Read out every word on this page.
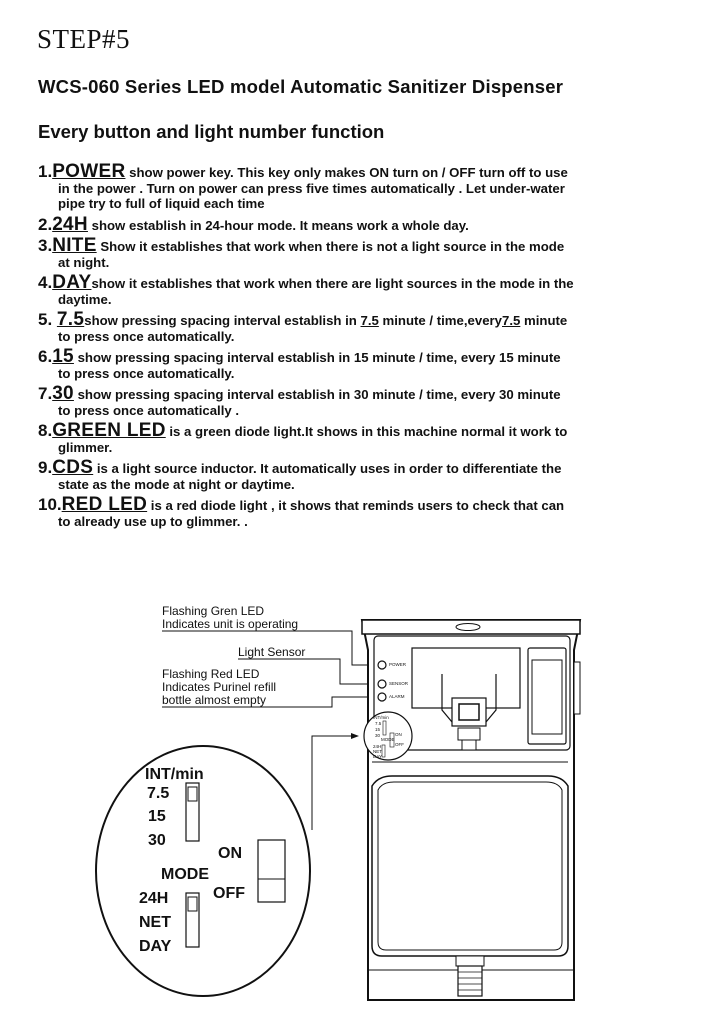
STEP#5
WCS-060 Series LED model Automatic Sanitizer Dispenser
Every button and light number function
1.POWER show power key. This key only makes ON turn on / OFF turn off to use
in the power . Turn on power can press five times automatically . Let under-water
pipe try to full of liquid each time
2.24H show establish in 24-hour mode. It means work a whole day.
3.NITE Show it establishes that work when there is not a light source in the mode
at night.
4.DAYshow it establishes that work when there are light sources in the mode in the
daytime.
5. 7.5show pressing spacing interval establish in 7.5 minute / time,every7.5 minute
to press once automatically.
6.15 show pressing spacing interval establish in 15 minute / time, every 15 minute
to press once automatically.
7.30 show pressing spacing interval establish in 30 minute / time, every 30 minute
to press once automatically .
8.GREEN LED is a green diode light.It shows in this machine normal it work to
glimmer.
9.CDS is a light source inductor. It automatically uses in order to differentiate the
state as the mode at night or daytime.
10.RED LED is a red diode light , it shows that reminds users to check that can
to already use up to glimmer. .
Flashing Gren LED
Indicates unit is operating
Light Sensor
Flashing Red LED
Indicates Purinel refill
bottle almost empty
POWER
SENSOR
ALARM
INT/min
7.5
15
30	ON
MODE
OFF
24H
NET
DAY
INT/min
7.5
15
30
ON
MODE
OFF
24H
NET
DAY
